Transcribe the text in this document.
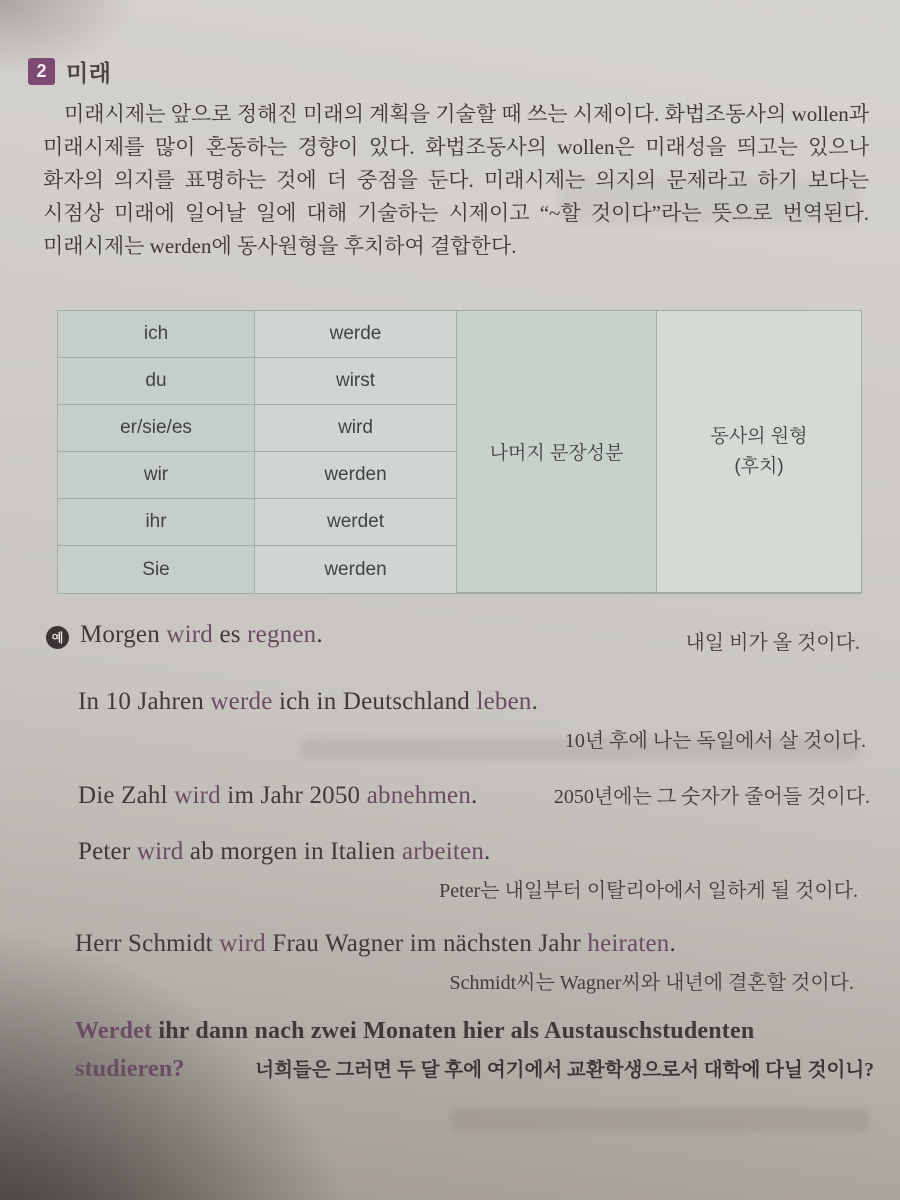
2 미래
미래시제는 앞으로 정해진 미래의 계획을 기술할 때 쓰는 시제이다. 화법조동사의 wollen과 미래시제를 많이 혼동하는 경향이 있다. 화법조동사의 wollen은 미래성을 띄고는 있으나 화자의 의지를 표명하는 것에 더 중점을 둔다. 미래시제는 의지의 문제라고 하기 보다는 시점상 미래에 일어날 일에 대해 기술하는 시제이고 “~할 것이다”라는 뜻으로 번역된다. 미래시제는 werden에 동사원형을 후치하여 결합한다.
ich	werde
du	wirst
er/sie/es	wird
wir	werden
ihr	werdet
Sie	werden
나머지 문장성분
동사의 원형
(후치)
예 Morgen wird es regnen.	내일 비가 올 것이다.
In 10 Jahren werde ich in Deutschland leben.
10년 후에 나는 독일에서 살 것이다.
Die Zahl wird im Jahr 2050 abnehmen.	2050년에는 그 숫자가 줄어들 것이다.
Peter wird ab morgen in Italien arbeiten.
Peter는 내일부터 이탈리아에서 일하게 될 것이다.
Herr Schmidt wird Frau Wagner im nächsten Jahr heiraten.
Schmidt씨는 Wagner씨와 내년에 결혼할 것이다.
Werdet ihr dann nach zwei Monaten hier als Austauschstudenten
studieren?	너희들은 그러면 두 달 후에 여기에서 교환학생으로서 대학에 다닐 것이니?
